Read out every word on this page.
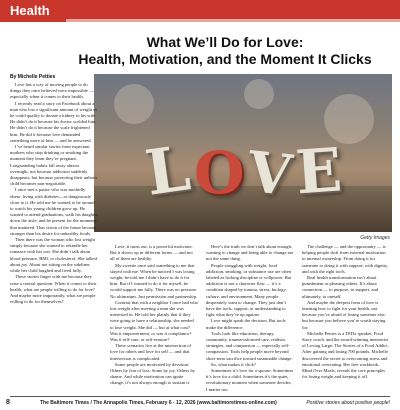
Health
What We’ll Do for Love:
Health, Motivation, and the Moment It Clicks
By Michelle Petties
L O V
E
Getty Images

Love has a way of moving people to do things they once believed were impossible — especially when it comes to their health.

I recently read a story on Facebook about a man who lost a significant amount of weight so he could qualify to donate a kidney to his wife. He didn’t do it because his doctor scolded him. He didn’t do it because the scale frightened him. He did it because love demanded something more of him — and he answered.

I’ve heard similar stories from expectant mothers who stop drinking or smoking the moment they learn they’re pregnant. Longstanding habits fall away almost overnight, not because addiction suddenly disappears, but because protecting their unborn child becomes non-negotiable.

I once met a pastor who was morbidly obese, living with diabetes—or dangerously close to it. He told me he wanted to be around to watch his young children grow up. He wanted to attend graduations, walk his daughter down the aisle, and be present for the moments that mattered. That vision of the future became stronger than his desire for unhealthy foods.

Then there was the woman who lost weight simply because she wanted to rekindle her romance with her son. She didn’t talk about blood pressure, BMI, or cholesterol. She talked about joy. About not sitting on the sidelines while her child laughed and lived fully.

These stories linger with me because they raise a central question: When it comes to their health, what are people willing to do for love? And maybe more importantly, what are people willing to do for themselves?

Love, it turns out, is a powerful motivator. But it shows up in different forms — and not all of them are healthy.

My sweetie once said something to me that stayed with me. When he noticed I was losing weight, he told me I didn’t have to do it for him. But if I wanted to do it for myself, he would support me fully. There was no pressure. No ultimatum. Just permission and partnership.

Contrast that with a neighbor I once had who lost weight after meeting a man she was interested in. He told her plainly that if they were going to have a relationship, she needed to lose weight. She did — but at what cost? Was it empowerment, or was it compliance? Was it self-care, or self-erasure?

These scenarios live at the intersection of love for others and love for self — and that intersection is complicated.

Some people are motivated by devotion. Others by fear of loss. Some by joy. Others by shame. And while motivation can ignite change, it’s not always enough to sustain it.

Here’s the truth we don’t talk about enough: wanting to change and being able to change are not the same thing.

People struggling with weight, food addiction, smoking, or substance use are often labeled as lacking discipline or willpower. But addiction is not a character flaw — it’s a condition shaped by trauma, stress, biology, culture, and environment. Many people desperately want to change. They just don’t have the tools, support, or understanding to fight what they’re up against.

Love might spark the decision. But tools make the difference.

Tools look like education, therapy, community, trauma-informed care, realistic strategies, and compassion — especially self-compassion. Tools help people move beyond short-term sacrifice toward sustainable change.

So, what makes it click?

Sometimes it’s love for a spouse. Sometimes it’s love for a child. Sometimes it’s the quiet, revolutionary moment when someone decides, I matter too.

The challenge — and the opportunity — is helping people shift from external motivation to internal ownership. From doing it for someone to doing it with support, with dignity, and with the right tools.

Real health transformation isn’t about punishment or pleasing others. It’s about connection — to purpose, to support, and ultimately, to oneself.

And maybe the deepest form of love is learning how to fight for your health, not because you’re afraid of losing someone else, but because you believe you’re worth staying for.

Michelle Petties is a TEDx speaker, Food Story coach, and the award-winning memoirist of Loving Large: The Stories of a Food Addict. After gaining and losing 700 pounds, Michelle discovered the secret to overcoming stress and emotional overeating. Her free workbook, Mind Over Meals, reveals the core principles for losing weight and keeping it off.

8	The Baltimore Times / The Annapolis Times, February 6 - 12, 2026 (www.baltimoretimes-online.com)	Positive stories about positive people!
